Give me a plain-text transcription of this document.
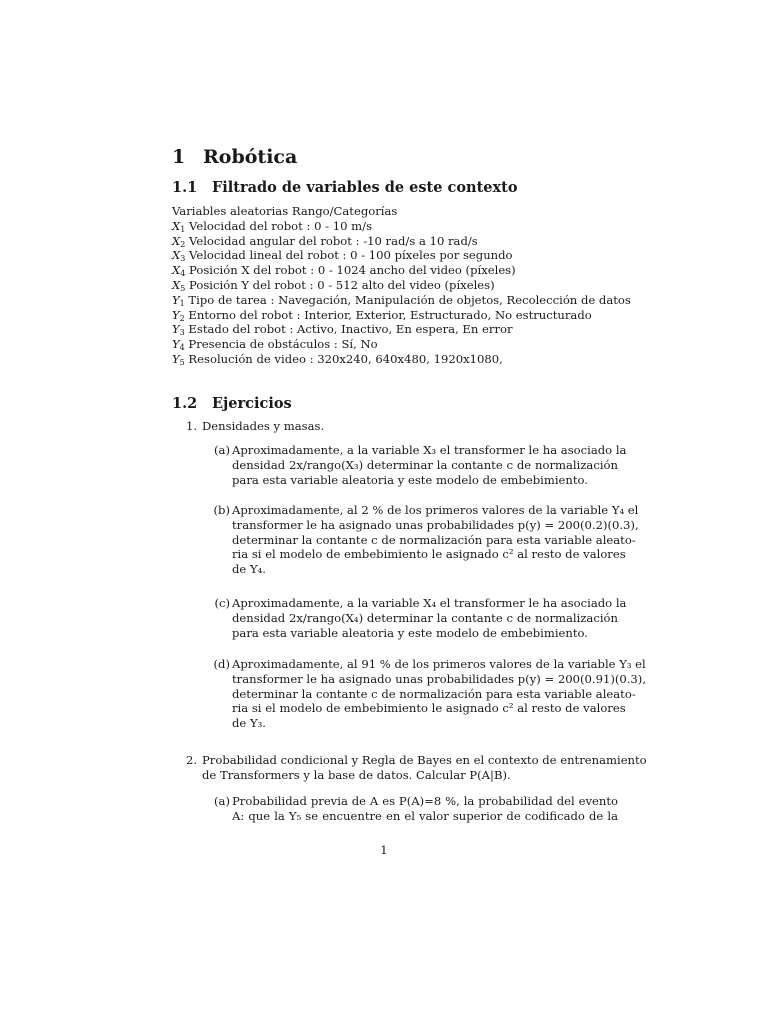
1 Robótica
1.1 Filtrado de variables de este contexto
Variables aleatorias Rango/Categorías
$X_1$ Velocidad del robot : 0 - 10 m/s
$X_2$ Velocidad angular del robot : -10 rad/s a 10 rad/s
$X_3$ Velocidad lineal del robot : 0 - 100 píxeles por segundo
$X_4$ Posición X del robot : 0 - 1024 ancho del video (píxeles)
$X_5$ Posición Y del robot : 0 - 512 alto del video (píxeles)
$Y_1$ Tipo de tarea : Navegación, Manipulación de objetos, Recolección de datos
$Y_2$ Entorno del robot : Interior, Exterior, Estructurado, No estructurado
$Y_3$ Estado del robot : Activo, Inactivo, En espera, En error
$Y_4$ Presencia de obstáculos : Sí, No
$Y_5$ Resolución de video : 320x240, 640x480, 1920x1080,
1.2 Ejercicios
1. Densidades y masas.
(a) Aproximadamente, a la variable X₃ el transformer le ha asociado la
densidad 2x/rango(X₃) determinar la contante c de normalización
para esta variable aleatoria y este modelo de embebimiento.
(b) Aproximadamente, al 2 % de los primeros valores de la variable Y₄ el
transformer le ha asignado unas probabilidades p(y) = 200(0.2)(0.3),
determinar la contante c de normalización para esta variable aleato-
ria si el modelo de embebimiento le asignado c² al resto de valores
de Y₄.
(c) Aproximadamente, a la variable X₄ el transformer le ha asociado la
densidad 2x/rango(X₄) determinar la contante c de normalización
para esta variable aleatoria y este modelo de embebimiento.
(d) Aproximadamente, al 91 % de los primeros valores de la variable Y₃ el
transformer le ha asignado unas probabilidades p(y) = 200(0.91)(0.3),
determinar la contante c de normalización para esta variable aleato-
ria si el modelo de embebimiento le asignado c² al resto de valores
de Y₃.
2. Probabilidad condicional y Regla de Bayes en el contexto de entrenamiento
de Transformers y la base de datos. Calcular P(A|B).
(a) Probabilidad previa de A es P(A)=8 %, la probabilidad del evento
A: que la Y₅ se encuentre en el valor superior de codificado de la
1
